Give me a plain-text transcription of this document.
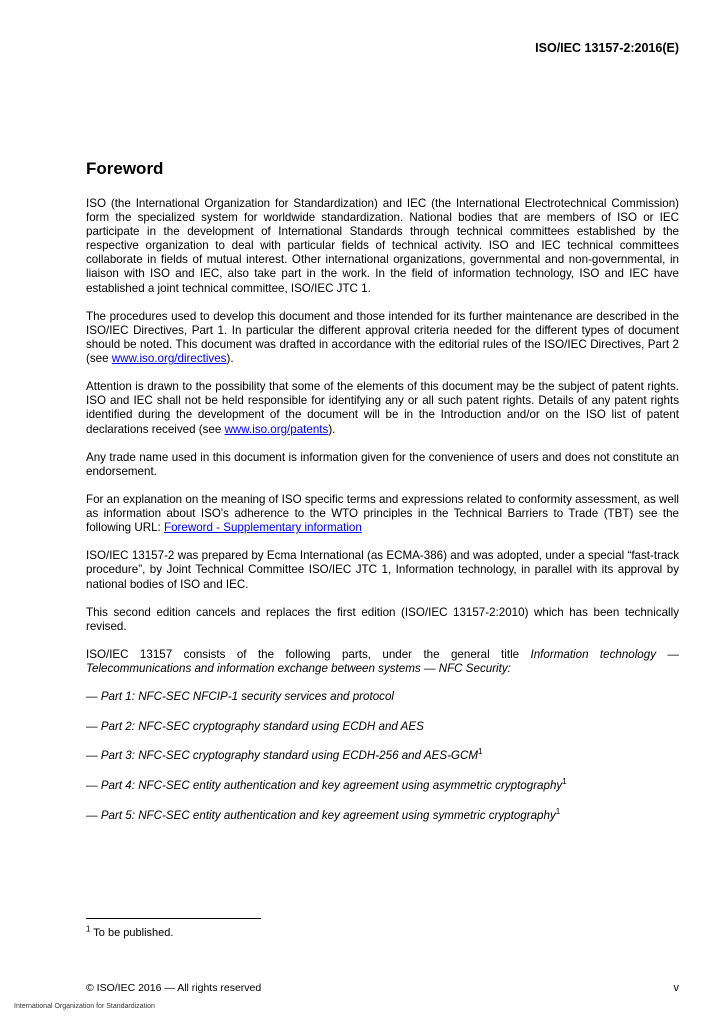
ISO/IEC 13157-2:2016(E)
Foreword

ISO (the International Organization for Standardization) and IEC (the International Electrotechnical Commission) form the specialized system for worldwide standardization. National bodies that are members of ISO or IEC participate in the development of International Standards through technical committees established by the respective organization to deal with particular fields of technical activity. ISO and IEC technical committees collaborate in fields of mutual interest. Other international organizations, governmental and non-governmental, in liaison with ISO and IEC, also take part in the work. In the field of information technology, ISO and IEC have established a joint technical committee, ISO/IEC JTC 1.

The procedures used to develop this document and those intended for its further maintenance are described in the ISO/IEC Directives, Part 1. In particular the different approval criteria needed for the different types of document should be noted. This document was drafted in accordance with the editorial rules of the ISO/IEC Directives, Part 2 (see www.iso.org/directives).

Attention is drawn to the possibility that some of the elements of this document may be the subject of patent rights. ISO and IEC shall not be held responsible for identifying any or all such patent rights. Details of any patent rights identified during the development of the document will be in the Introduction and/or on the ISO list of patent declarations received (see www.iso.org/patents).

Any trade name used in this document is information given for the convenience of users and does not constitute an endorsement.

For an explanation on the meaning of ISO specific terms and expressions related to conformity assessment, as well as information about ISO's adherence to the WTO principles in the Technical Barriers to Trade (TBT) see the following URL: Foreword - Supplementary information

ISO/IEC 13157-2 was prepared by Ecma International (as ECMA-386) and was adopted, under a special “fast-track procedure”, by Joint Technical Committee ISO/IEC JTC 1, Information technology, in parallel with its approval by national bodies of ISO and IEC.

This second edition cancels and replaces the first edition (ISO/IEC 13157-2:2010) which has been technically revised.

ISO/IEC 13157 consists of the following parts, under the general title Information technology — Telecommunications and information exchange between systems — NFC Security:

— Part 1: NFC-SEC NFCIP-1 security services and protocol

— Part 2: NFC-SEC cryptography standard using ECDH and AES

— Part 3: NFC-SEC cryptography standard using ECDH-256 and AES-GCM$^1$

— Part 4: NFC-SEC entity authentication and key agreement using asymmetric cryptography$^1$

— Part 5: NFC-SEC entity authentication and key agreement using symmetric cryptography$^1$

$^1$ To be published.
© ISO/IEC 2016 — All rights reserved
International Organization for Standardization
v
